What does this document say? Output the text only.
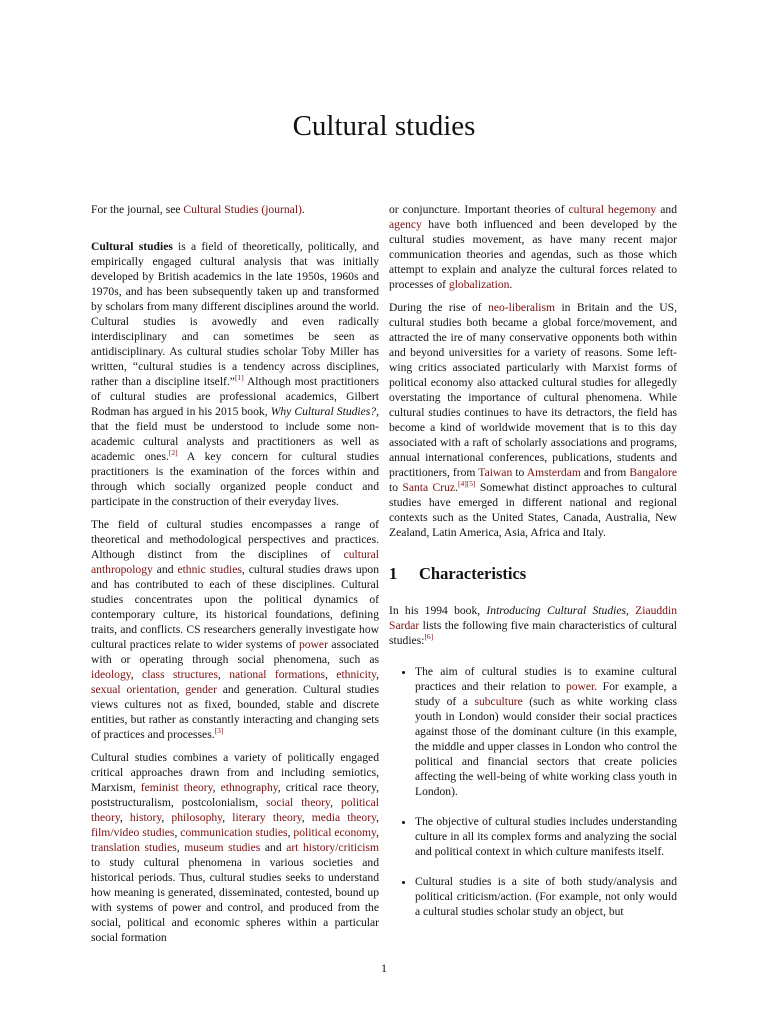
Cultural studies

For the journal, see Cultural Studies (journal).

Cultural studies is a field of theoretically, politically, and empirically engaged cultural analysis that was initially developed by British academics in the late 1950s, 1960s and 1970s, and has been subsequently taken up and transformed by scholars from many different disciplines around the world. Cultural studies is avowedly and even radically interdisciplinary and can sometimes be seen as antidisciplinary. As cultural studies scholar Toby Miller has written, “cultural studies is a tendency across disciplines, rather than a discipline itself.”[1] Although most practitioners of cultural studies are professional academics, Gilbert Rodman has argued in his 2015 book, Why Cultural Studies?, that the field must be understood to include some non-academic cultural analysts and practitioners as well as academic ones.[2] A key concern for cultural studies practitioners is the examination of the forces within and through which socially organized people conduct and participate in the construction of their everyday lives.

The field of cultural studies encompasses a range of theoretical and methodological perspectives and practices. Although distinct from the disciplines of cultural anthropology and ethnic studies, cultural studies draws upon and has contributed to each of these disciplines. Cultural studies concentrates upon the political dynamics of contemporary culture, its historical foundations, defining traits, and conflicts. CS researchers generally investigate how cultural practices relate to wider systems of power associated with or operating through social phenomena, such as ideology, class structures, national formations, ethnicity, sexual orientation, gender and generation. Cultural studies views cultures not as fixed, bounded, stable and discrete entities, but rather as constantly interacting and changing sets of practices and processes.[3]

Cultural studies combines a variety of politically engaged critical approaches drawn from and including semiotics, Marxism, feminist theory, ethnography, critical race theory, poststructuralism, postcolonialism, social theory, political theory, history, philosophy, literary theory, media theory, film/video studies, communication studies, political economy, translation studies, museum studies and art history/criticism to study cultural phenomena in various societies and historical periods. Thus, cultural studies seeks to understand how meaning is generated, disseminated, contested, bound up with systems of power and control, and produced from the social, political and economic spheres within a particular social formation

or conjuncture. Important theories of cultural hegemony and agency have both influenced and been developed by the cultural studies movement, as have many recent major communication theories and agendas, such as those which attempt to explain and analyze the cultural forces related to processes of globalization.

During the rise of neo-liberalism in Britain and the US, cultural studies both became a global force/movement, and attracted the ire of many conservative opponents both within and beyond universities for a variety of reasons. Some left-wing critics associated particularly with Marxist forms of political economy also attacked cultural studies for allegedly overstating the importance of cultural phenomena. While cultural studies continues to have its detractors, the field has become a kind of worldwide movement that is to this day associated with a raft of scholarly associations and programs, annual international conferences, publications, students and practitioners, from Taiwan to Amsterdam and from Bangalore to Santa Cruz.[4][5] Somewhat distinct approaches to cultural studies have emerged in different national and regional contexts such as the United States, Canada, Australia, New Zealand, Latin America, Asia, Africa and Italy.

1	Characteristics

In his 1994 book, Introducing Cultural Studies, Ziauddin Sardar lists the following five main characteristics of cultural studies:[6]

• The aim of cultural studies is to examine cultural practices and their relation to power. For example, a study of a subculture (such as white working class youth in London) would consider their social practices against those of the dominant culture (in this example, the middle and upper classes in London who control the political and financial sectors that create policies affecting the well-being of white working class youth in London).
• The objective of cultural studies includes understanding culture in all its complex forms and analyzing the social and political context in which culture manifests itself.
• Cultural studies is a site of both study/analysis and political criticism/action. (For example, not only would a cultural studies scholar study an object, but
1
